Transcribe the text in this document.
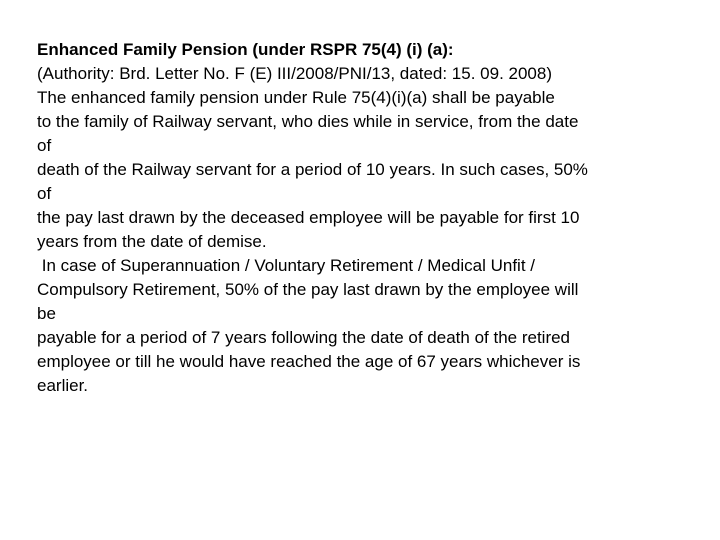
Enhanced Family Pension (under RSPR 75(4) (i) (a):
(Authority: Brd. Letter No. F (E) III/2008/PNI/13, dated: 15. 09. 2008)
The enhanced family pension under Rule 75(4)(i)(a) shall be payable
to the family of Railway servant, who dies while in service, from the date
of
death of the Railway servant for a period of 10 years. In such cases, 50%
of
the pay last drawn by the deceased employee will be payable for first 10
years from the date of demise.
In case of Superannuation / Voluntary Retirement / Medical Unfit /
Compulsory Retirement, 50% of the pay last drawn by the employee will
be
payable for a period of 7 years following the date of death of the retired
employee or till he would have reached the age of 67 years whichever is
earlier.
